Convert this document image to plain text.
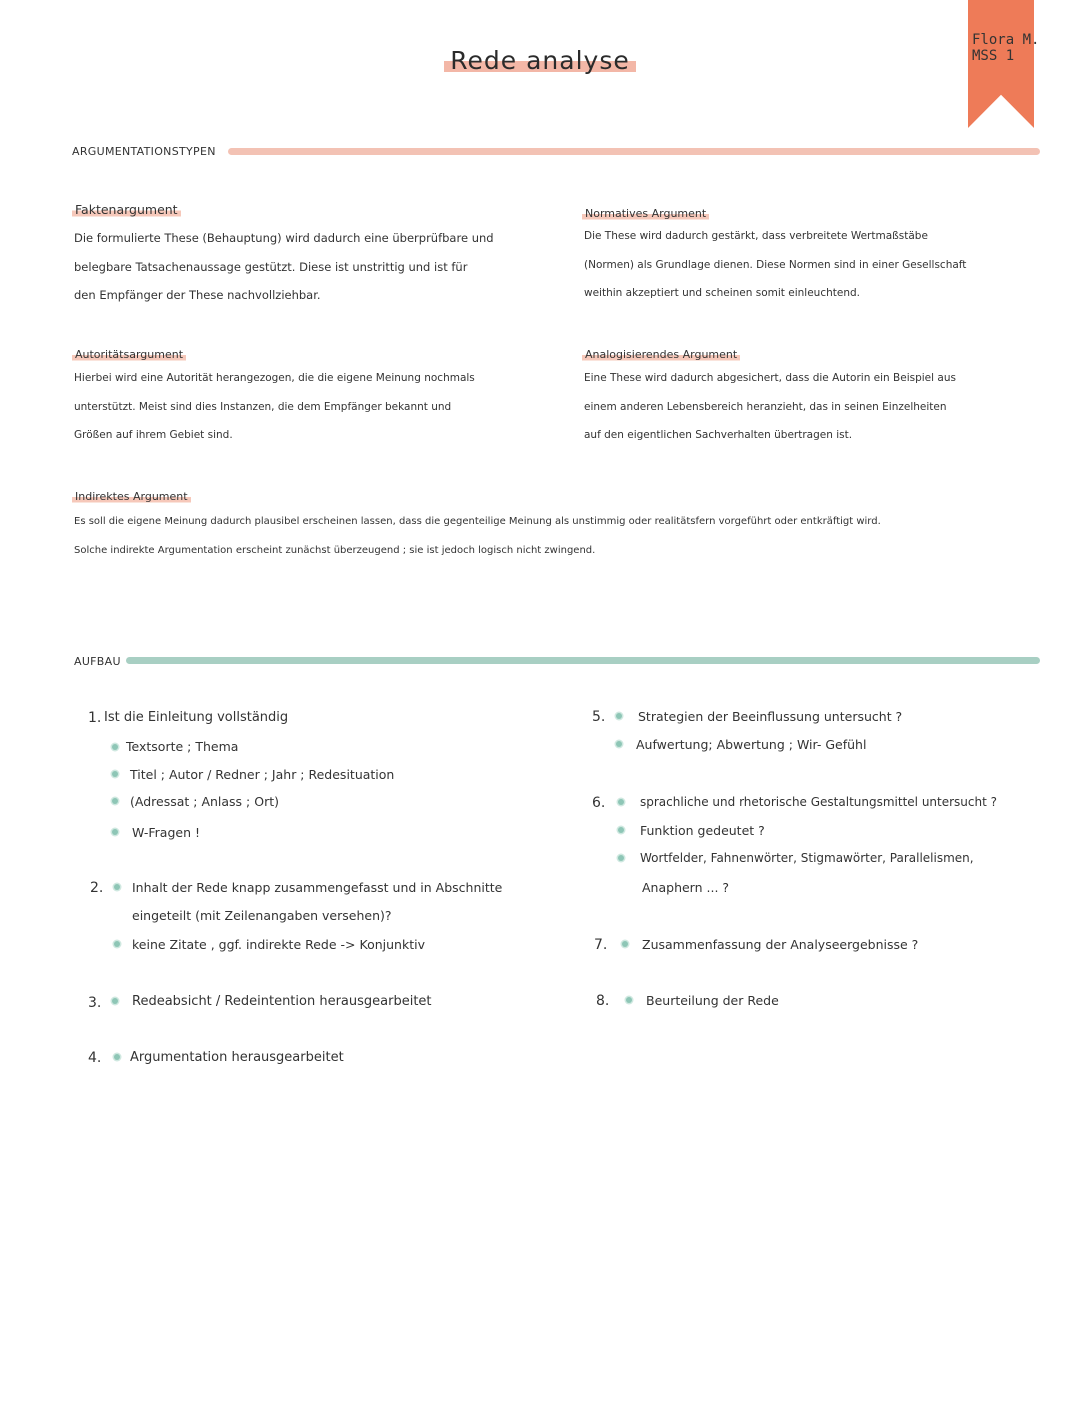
Rede analyse
Flora M.
MSS 1
ARGUMENTATIONSTYPEN
Faktenargument
Die formulierte These (Behauptung) wird dadurch eine überprüfbare und
belegbare Tatsachenaussage gestützt. Diese ist unstrittig und ist für
den Empfänger der These nachvollziehbar.
Normatives Argument
Die These wird dadurch gestärkt, dass verbreitete Wertmaßstäbe
(Normen) als Grundlage dienen. Diese Normen sind in einer Gesellschaft
weithin akzeptiert und scheinen somit einleuchtend.
Autoritätsargument
Hierbei wird eine Autorität herangezogen, die die eigene Meinung nochmals
unterstützt. Meist sind dies Instanzen, die dem Empfänger bekannt und
Größen auf ihrem Gebiet sind.
Analogisierendes Argument
Eine These wird dadurch abgesichert, dass die Autorin ein Beispiel aus
einem anderen Lebensbereich heranzieht, das in seinen Einzelheiten
auf den eigentlichen Sachverhalten übertragen ist.
Indirektes Argument
Es soll die eigene Meinung dadurch plausibel erscheinen lassen, dass die gegenteilige Meinung als unstimmig oder realitätsfern vorgeführt oder entkräftigt wird.
Solche indirekte Argumentation erscheint zunächst überzeugend ; sie ist jedoch logisch nicht zwingend.
AUFBAU
1. Ist die Einleitung vollständig
Textsorte ; Thema
Titel ; Autor / Redner ; Jahr ; Redesituation
(Adressat ; Anlass ; Ort)
W-Fragen !
2. Inhalt der Rede knapp zusammengefasst und in Abschnitte
eingeteilt (mit Zeilenangaben versehen)?
keine Zitate , ggf. indirekte Rede -> Konjunktiv
3. Redeabsicht / Redeintention herausgearbeitet
4. Argumentation herausgearbeitet
5.	Strategien der Beeinflussung untersucht ?
Aufwertung; Abwertung ; Wir- Gefühl
6.	sprachliche und rhetorische Gestaltungsmittel untersucht ?
Funktion gedeutet ?
Wortfelder, Fahnenwörter, Stigmawörter, Parallelismen,
Anaphern ... ?
7.	Zusammenfassung der Analyseergebnisse ?
8.	Beurteilung der Rede
